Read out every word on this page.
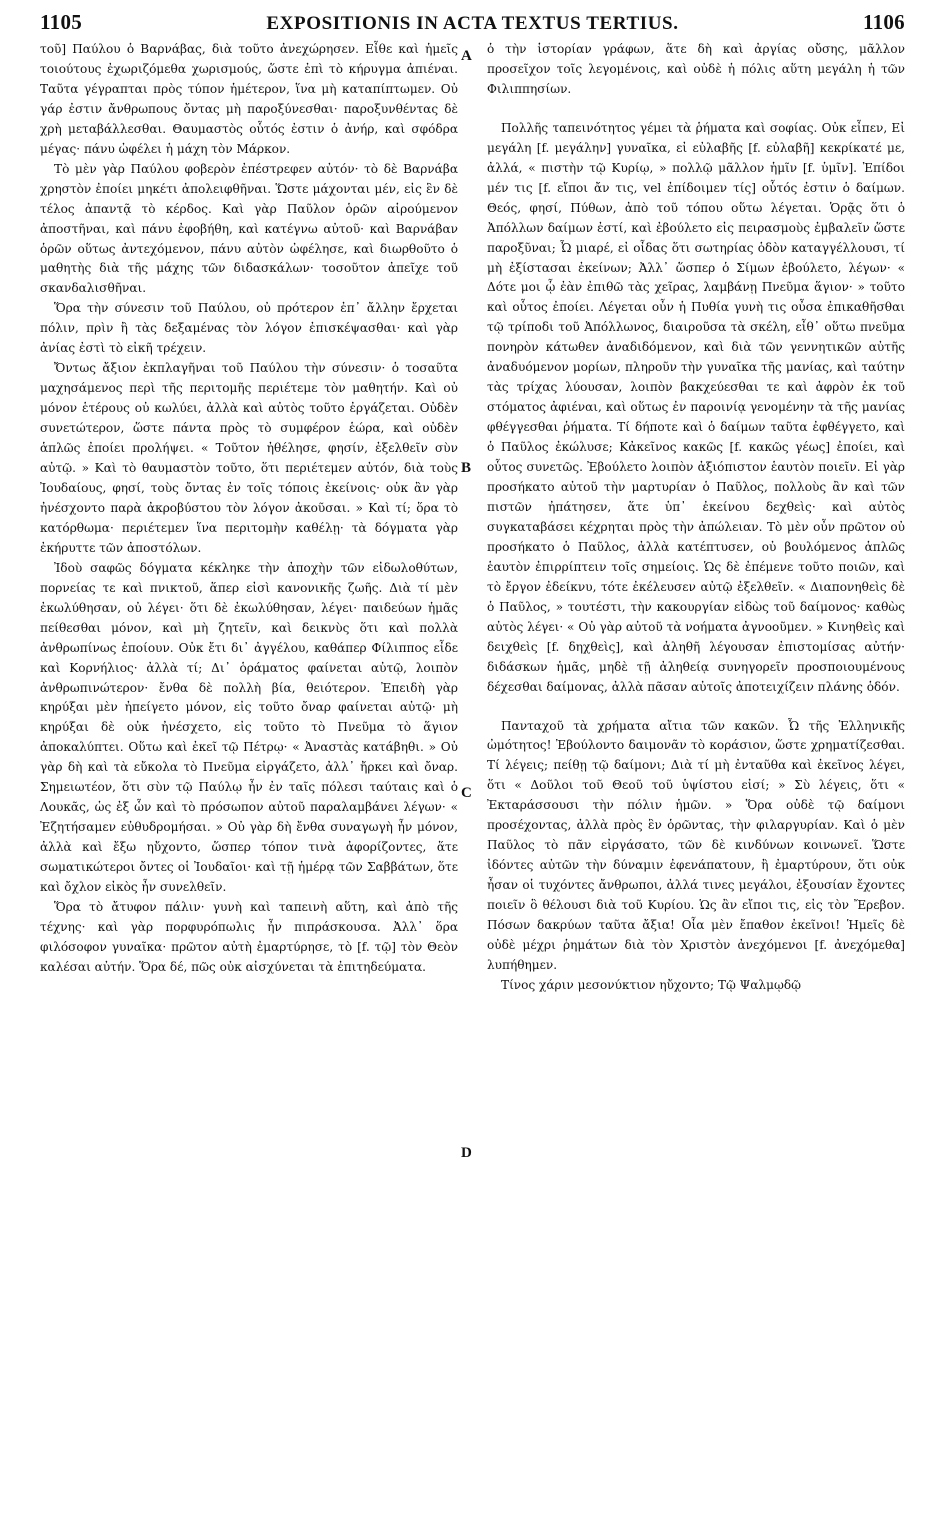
1105	EXPOSITIONIS IN ACTA TEXTUS TERTIUS.	1106

τοῦ] Παύλου ὁ Βαρνάβας, διὰ τοῦτο ἀνεχώρησεν. Εἶθε καὶ ἡμεῖς τοιούτους ἐχωριζόμεθα χωρισμούς, ὥστε ἐπὶ τὸ κήρυγμα ἀπιέναι. Ταῦτα γέγραπται πρὸς τύπον ἡμέτερον, ἵνα μὴ καταπίπτωμεν. Οὐ γάρ ἐστιν ἄνθρωπους ὄντας μὴ παροξύνεσθαι· παροξυνθέντας δὲ χρὴ μεταβάλλεσθαι. Θαυμαστὸς οὗτός ἐστιν ὁ ἀνήρ, καὶ σφόδρα μέγας· πάνυ ὠφέλει ἡ μάχη τὸν Μάρκον.

Τὸ μὲν γὰρ Παύλου φοβερὸν ἐπέστρεφεν αὐτόν· τὸ δὲ Βαρνάβα χρηστὸν ἐποίει μηκέτι ἀπολειφθῆναι. Ὥστε μάχονται μέν, εἰς ἓν δὲ τέλος ἀπαντᾷ τὸ κέρδος. Καὶ γὰρ Παῦλον ὁρῶν αἱρούμενον ἀποστῆναι, καὶ πάνυ ἐφοβήθη, καὶ κατέγνω αὐτοῦ· καὶ Βαρνάβαν ὁρῶν οὕτως ἀντεχόμενον, πάνυ αὐτὸν ὠφέλησε, καὶ διωρθοῦτο ὁ μαθητὴς διὰ τῆς μάχης τῶν διδασκάλων· τοσοῦτον ἀπεῖχε τοῦ σκανδαλισθῆναι.

Ὅρα τὴν σύνεσιν τοῦ Παύλου, οὐ πρότερον ἐπ᾽ ἄλλην ἔρχεται πόλιν, πρὶν ἢ τὰς δεξαμένας τὸν λόγον ἐπισκέψασθαι· καὶ γὰρ ἀνίας ἐστὶ τὸ εἰκῆ τρέχειν.

Ὄντως ἄξιον ἐκπλαγῆναι τοῦ Παύλου τὴν σύνεσιν· ὁ τοσαῦτα μαχησάμενος περὶ τῆς περιτομῆς περιέτεμε τὸν μαθητήν. Καὶ οὐ μόνον ἑτέρους οὐ κωλύει, ἀλλὰ καὶ αὐτὸς τοῦτο ἐργάζεται. Οὐδὲν συνετώτερον, ὥστε πάντα πρὸς τὸ συμφέρον ἑώρα, καὶ οὐδὲν ἁπλῶς ἐποίει προλήψει. « Τοῦτον ἠθέλησε, φησίν, ἐξελθεῖν σὺν αὐτῷ. » Καὶ τὸ θαυμαστὸν τοῦτο, ὅτι περιέτεμεν αὐτόν, διὰ τοὺς Ἰουδαίους, φησί, τοὺς ὄντας ἐν τοῖς τόποις ἐκείνοις· οὐκ ἂν γὰρ ἠνέσχοντο παρὰ ἀκροβύστου τὸν λόγον ἀκοῦσαι. » Καὶ τί; ὅρα τὸ κατόρθωμα· περιέτεμεν ἵνα περιτομὴν καθέλῃ· τὰ δόγματα γὰρ ἐκήρυττε τῶν ἀποστόλων.

Ἰδοὺ σαφῶς δόγματα κέκληκε τὴν ἀποχὴν τῶν εἰδωλοθύτων, πορνείας τε καὶ πνικτοῦ, ἅπερ εἰσὶ κανονικῆς ζωῆς. Διὰ τί μὲν ἐκωλύθησαν, οὐ λέγει· ὅτι δὲ ἐκωλύθησαν, λέγει· παιδεύων ἡμᾶς πείθεσθαι μόνον, καὶ μὴ ζητεῖν, καὶ δεικνὺς ὅτι καὶ πολλὰ ἀνθρωπίνως ἐποίουν. Οὐκ ἔτι δι᾽ ἀγγέλου, καθάπερ Φίλιππος εἶδε καὶ Κορνήλιος· ἀλλὰ τί; Δι᾽ ὁράματος φαίνεται αὐτῷ, λοιπὸν ἀνθρωπινώτερον· ἔνθα δὲ πολλὴ βία, θειότερον. Ἐπειδὴ γὰρ κηρύξαι μὲν ἠπείγετο μόνον, εἰς τοῦτο ὄναρ φαίνεται αὐτῷ· μὴ κηρύξαι δὲ οὐκ ἠνέσχετο, εἰς τοῦτο τὸ Πνεῦμα τὸ ἅγιον ἀποκαλύπτει. Οὕτω καὶ ἐκεῖ τῷ Πέτρῳ· « Ἀναστὰς κατάβηθι. » Οὐ γὰρ δὴ καὶ τὰ εὔκολα τὸ Πνεῦμα εἰργάζετο, ἀλλ᾽ ἤρκει καὶ ὄναρ. Σημειωτέον, ὅτι σὺν τῷ Παύλῳ ἦν ἐν ταῖς πόλεσι ταύταις καὶ ὁ Λουκᾶς, ὡς ἐξ ὧν καὶ τὸ πρόσωπον αὐτοῦ παραλαμβάνει λέγων· « Ἐζητήσαμεν εὐθυδρομήσαι. » Οὐ γὰρ δὴ ἔνθα συναγωγὴ ἦν μόνον, ἀλλὰ καὶ ἔξω ηὔχοντο, ὥσπερ τόπον τινὰ ἀφορίζοντες, ἅτε σωματικώτεροι ὄντες οἱ Ἰουδαῖοι· καὶ τῇ ἡμέρᾳ τῶν Σαββάτων, ὅτε καὶ ὄχλον εἰκὸς ἦν συνελθεῖν.

Ὅρα τὸ ἄτυφον πάλιν· γυνὴ καὶ ταπεινὴ αὕτη, καὶ ἀπὸ τῆς τέχνης· καὶ γὰρ πορφυρόπωλις ἦν πιπράσκουσα. Ἀλλ᾽ ὅρα φιλόσοφον γυναῖκα· πρῶτον αὐτὴ ἐμαρτύρησε, τὸ [f. τῷ] τὸν Θεὸν καλέσαι αὐτήν. Ὅρα δέ, πῶς οὐκ αἰσχύνεται τὰ ἐπιτηδεύματα.

A
B
C
D

ὁ τὴν ἱστορίαν γράφων, ἅτε δὴ καὶ ἀργίας οὔσης, μᾶλλον προσεῖχον τοῖς λεγομένοις, καὶ οὐδὲ ἡ πόλις αὕτη μεγάλη ἡ τῶν Φιλιππησίων.

Πολλῆς ταπεινότητος γέμει τὰ ῥήματα καὶ σοφίας. Οὐκ εἶπεν, Εἰ μεγάλη [f. μεγάλην] γυναῖκα, εἰ εὐλαβῆς [f. εὐλαβῆ] κεκρίκατέ με, ἀλλά, « πιστὴν τῷ Κυρίῳ, » πολλῷ μᾶλλον ἡμῖν [f. ὑμῖν]. Ἐπίδοι μέν τις [f. εἴποι ἄν τις, vel ἐπίδοιμεν τίς] οὗτός ἐστιν ὁ δαίμων. Θεός, φησί, Πύθων, ἀπὸ τοῦ τόπου οὕτω λέγεται. Ὁρᾷς ὅτι ὁ Ἀπόλλων δαίμων ἐστί, καὶ ἐβούλετο εἰς πειρασμοὺς ἐμβαλεῖν ὥστε παροξῦναι; Ὦ μιαρέ, εἰ οἶδας ὅτι σωτηρίας ὁδὸν καταγγέλλουσι, τί μὴ ἐξίστασαι ἐκείνων; Ἀλλ᾽ ὥσπερ ὁ Σίμων ἐβούλετο, λέγων· « Δότε μοι ᾧ ἐὰν ἐπιθῶ τὰς χεῖρας, λαμβάνῃ Πνεῦμα ἅγιον· » τοῦτο καὶ οὗτος ἐποίει. Λέγεται οὖν ἡ Πυθία γυνὴ τις οὖσα ἐπικαθῆσθαι τῷ τρίποδι τοῦ Ἀπόλλωνος, διαιροῦσα τὰ σκέλη, εἶθ᾽ οὕτω πνεῦμα πονηρὸν κάτωθεν ἀναδιδόμενον, καὶ διὰ τῶν γεννητικῶν αὐτῆς ἀναδυόμενον μορίων, πληροῦν τὴν γυναῖκα τῆς μανίας, καὶ ταύτην τὰς τρίχας λύουσαν, λοιπὸν βακχεύεσθαι τε καὶ ἀφρὸν ἐκ τοῦ στόματος ἀφιέναι, καὶ οὕτως ἐν παροινίᾳ γενομένην τὰ τῆς μανίας φθέγγεσθαι ῥήματα. Τί δήποτε καὶ ὁ δαίμων ταῦτα ἐφθέγγετο, καὶ ὁ Παῦλος ἐκώλυσε; Κἀκεῖνος κακῶς [f. κακῶς γέως] ἐποίει, καὶ οὗτος συνετῶς. Ἐβούλετο λοιπὸν ἀξιόπιστον ἑαυτὸν ποιεῖν. Εἰ γὰρ προσήκατο αὐτοῦ τὴν μαρτυρίαν ὁ Παῦλος, πολλοὺς ἂν καὶ τῶν πιστῶν ἠπάτησεν, ἅτε ὑπ᾽ ἐκείνου δεχθεὶς· καὶ αὐτὸς συγκαταβάσει κέχρηται πρὸς τὴν ἀπώλειαν. Τὸ μὲν οὖν πρῶτον οὐ προσήκατο ὁ Παῦλος, ἀλλὰ κατέπτυσεν, οὐ βουλόμενος ἁπλῶς ἑαυτὸν ἐπιρρίπτειν τοῖς σημείοις. Ὡς δὲ ἐπέμενε τοῦτο ποιῶν, καὶ τὸ ἔργον ἐδείκνυ, τότε ἐκέλευσεν αὐτῷ ἐξελθεῖν. « Διαπονηθεὶς δὲ ὁ Παῦλος, » τουτέστι, τὴν κακουργίαν εἰδὼς τοῦ δαίμονος· καθὼς αὐτὸς λέγει· « Οὐ γὰρ αὐτοῦ τὰ νοήματα ἀγνοοῦμεν. » Κινηθεὶς καὶ δειχθεὶς [f. δηχθεὶς], καὶ ἀληθῆ λέγουσαν ἐπιστομίσας αὐτήν· διδάσκων ἡμᾶς, μηδὲ τῇ ἀληθείᾳ συνηγορεῖν προσποιουμένους δέχεσθαι δαίμονας, ἀλλὰ πᾶσαν αὐτοῖς ἀποτειχίζειν πλάνης ὁδόν.

Πανταχοῦ τὰ χρήματα αἴτια τῶν κακῶν. Ὦ τῆς Ἑλληνικῆς ὠμότητος! Ἐβούλοντο δαιμονᾶν τὸ κοράσιον, ὥστε χρηματίζεσθαι. Τί λέγεις; πείθῃ τῷ δαίμονι; Διὰ τί μὴ ἐνταῦθα καὶ ἐκεῖνος λέγει, ὅτι « Δοῦλοι τοῦ Θεοῦ τοῦ ὑψίστου εἰσί; » Σὺ λέγεις, ὅτι « Ἐκταράσσουσι τὴν πόλιν ἡμῶν. » Ὅρα οὐδὲ τῷ δαίμονι προσέχοντας, ἀλλὰ πρὸς ἓν ὁρῶντας, τὴν φιλαργυρίαν. Καὶ ὁ μὲν Παῦλος τὸ πᾶν εἰργάσατο, τῶν δὲ κινδύνων κοινωνεῖ. Ὥστε ἰδόντες αὐτῶν τὴν δύναμιν ἐφενάπατουν, ἢ ἐμαρτύρουν, ὅτι οὐκ ἦσαν οἱ τυχόντες ἄνθρωποι, ἀλλά τινες μεγάλοι, ἐξουσίαν ἔχοντες ποιεῖν ὃ θέλουσι διὰ τοῦ Κυρίου. Ὡς ἂν εἴποι τις, εἰς τὸν Ἔρεβον. Πόσων δακρύων ταῦτα ἄξια! Οἷα μὲν ἔπαθον ἐκεῖνοι! Ἡμεῖς δὲ οὐδὲ μέχρι ῥημάτων διὰ τὸν Χριστὸν ἀνεχόμενοι [f. ἀνεχόμεθα] λυπήθημεν.

Τίνος χάριν μεσονύκτιον ηὔχοντο; Τῷ Ψαλμῳδῷ
